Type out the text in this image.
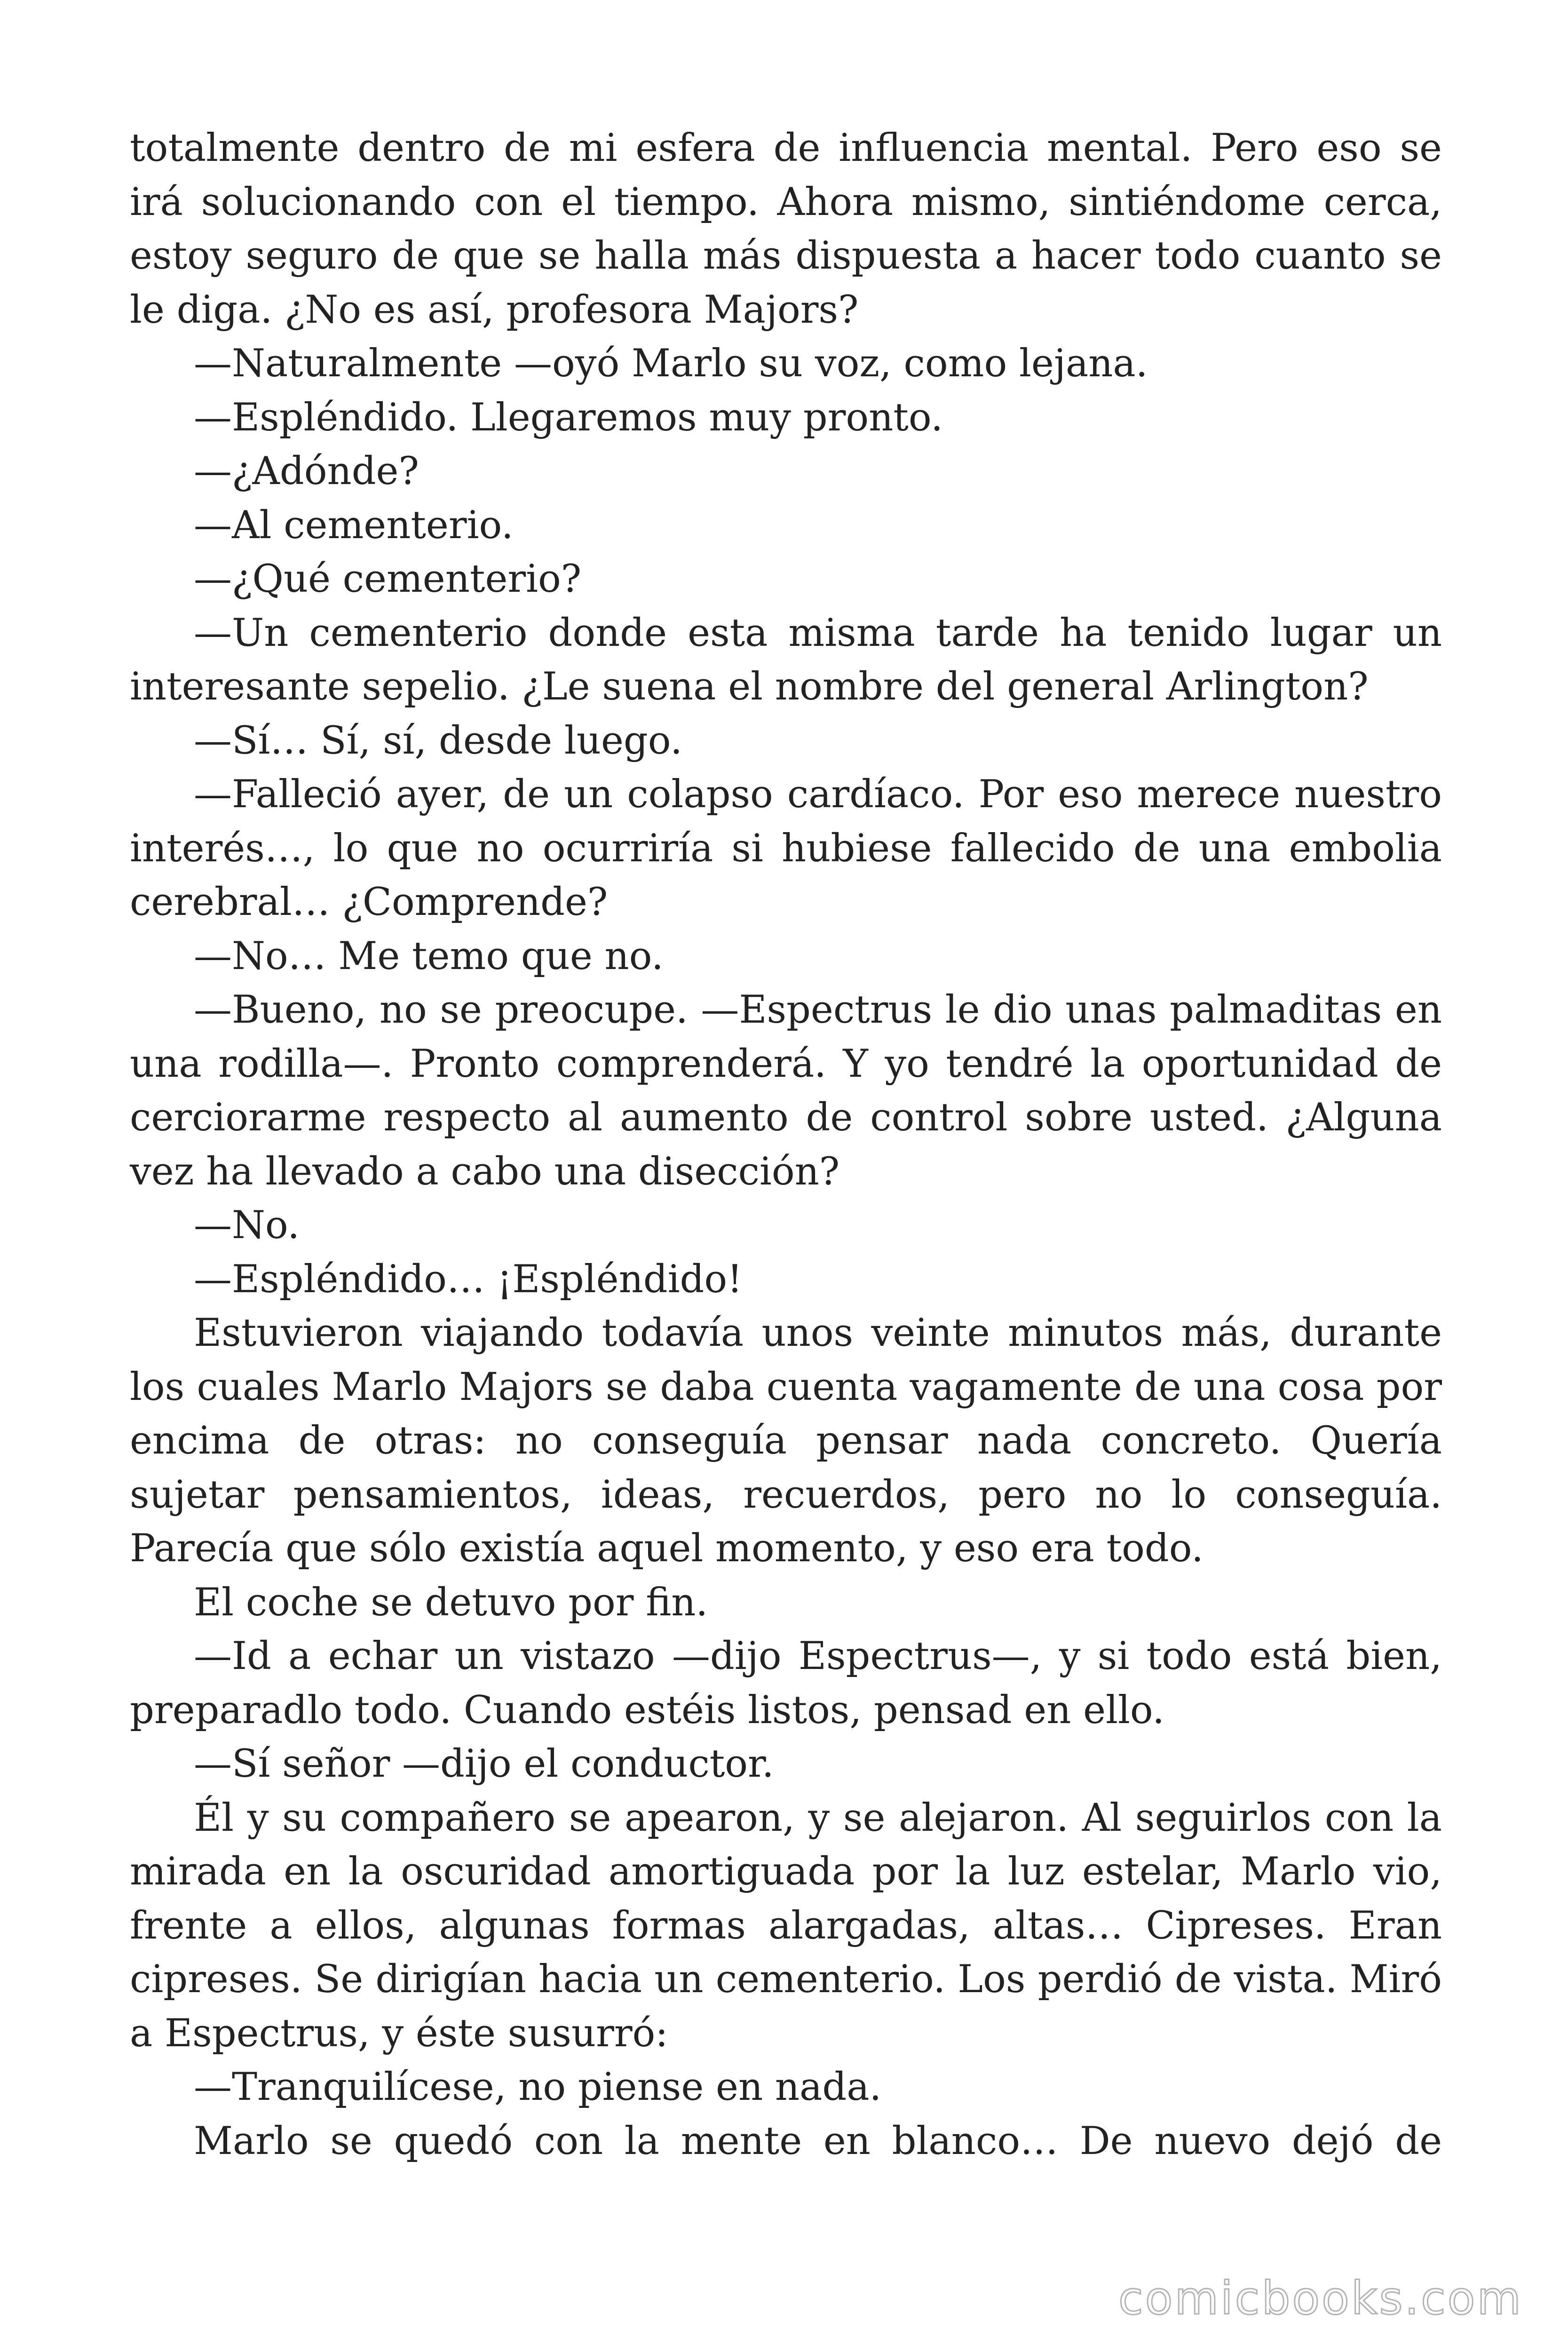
totalmente dentro de mi esfera de influencia mental. Pero eso se irá solucionando con el tiempo. Ahora mismo, sintiéndome cerca, estoy seguro de que se halla más dispuesta a hacer todo cuanto se le diga. ¿No es así, profesora Majors?

—Naturalmente —oyó Marlo su voz, como lejana.

—Espléndido. Llegaremos muy pronto.

—¿Adónde?

—Al cementerio.

—¿Qué cementerio?

—Un cementerio donde esta misma tarde ha tenido lugar un interesante sepelio. ¿Le suena el nombre del general Arlington?

—Sí… Sí, sí, desde luego.

—Falleció ayer, de un colapso cardíaco. Por eso merece nuestro interés…, lo que no ocurriría si hubiese fallecido de una embolia cerebral… ¿Comprende?

—No… Me temo que no.

—Bueno, no se preocupe. —Espectrus le dio unas palmaditas en una rodilla—. Pronto comprenderá. Y yo tendré la oportunidad de cerciorarme respecto al aumento de control sobre usted. ¿Alguna vez ha llevado a cabo una disección?

—No.

—Espléndido… ¡Espléndido!

Estuvieron viajando todavía unos veinte minutos más, durante los cuales Marlo Majors se daba cuenta vagamente de una cosa por encima de otras: no conseguía pensar nada concreto. Quería sujetar pensamientos, ideas, recuerdos, pero no lo conseguía. Parecía que sólo existía aquel momento, y eso era todo.

El coche se detuvo por fin.

—Id a echar un vistazo —dijo Espectrus—, y si todo está bien, preparadlo todo. Cuando estéis listos, pensad en ello.

—Sí señor —dijo el conductor.

Él y su compañero se apearon, y se alejaron. Al seguirlos con la mirada en la oscuridad amortiguada por la luz estelar, Marlo vio, frente a ellos, algunas formas alargadas, altas… Cipreses. Eran cipreses. Se dirigían hacia un cementerio. Los perdió de vista. Miró a Espectrus, y éste susurró:

—Tranquilícese, no piense en nada.

Marlo se quedó con la mente en blanco… De nuevo dejó de

comicbooks.com
